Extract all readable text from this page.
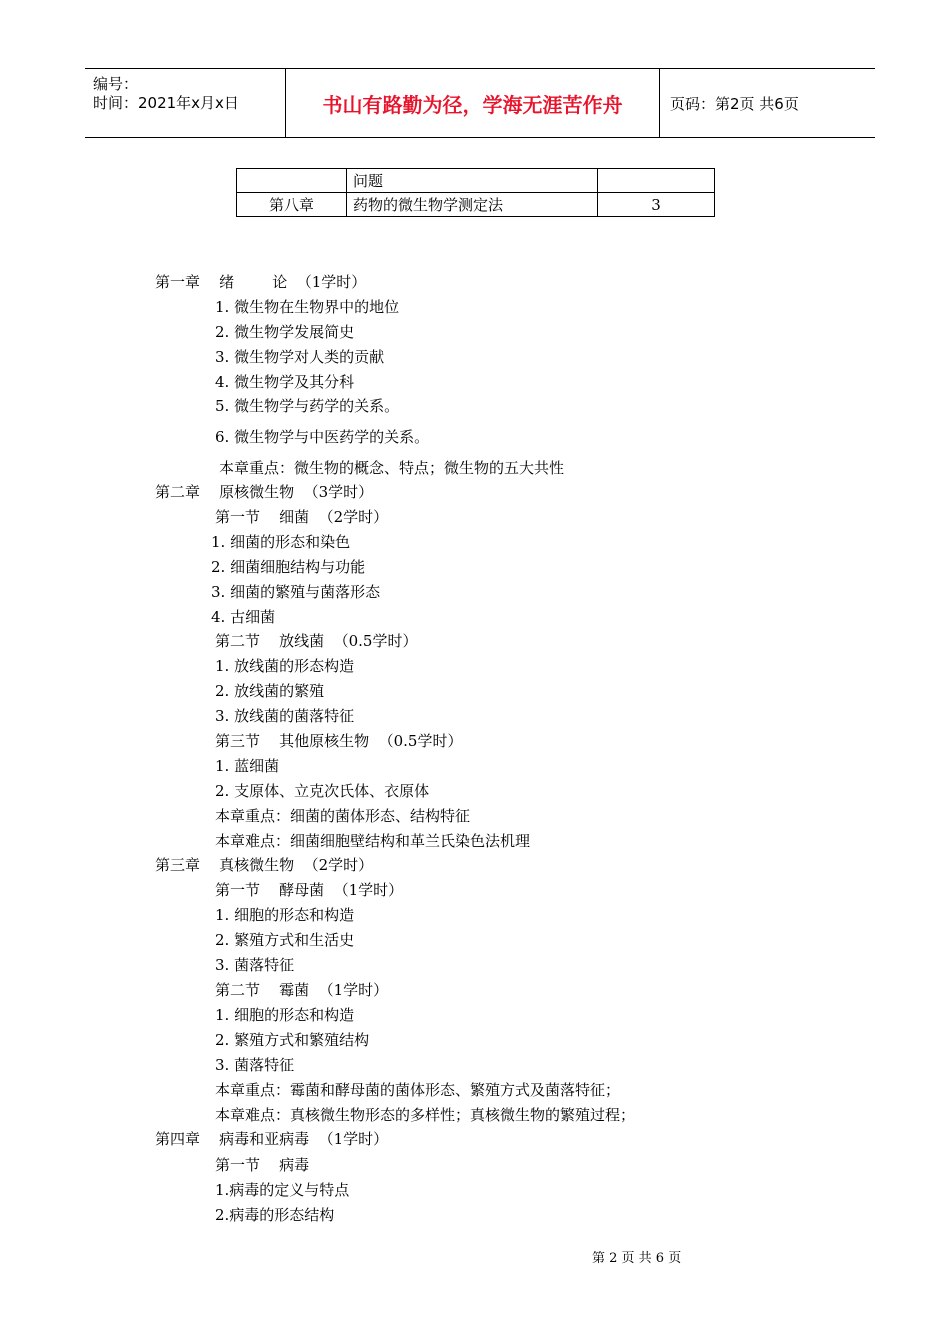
编号：
时间：2021年x月x日	书山有路勤为径，学海无涯苦作舟	页码：第2页 共6页
	问题	
第八章	药物的微生物学测定法	3
第一章    绪        论  （1学时）
1. 微生物在生物界中的地位
2. 微生物学发展简史
3. 微生物学对人类的贡献
4. 微生物学及其分科
5. 微生物学与药学的关系。
6. 微生物学与中医药学的关系。
本章重点：微生物的概念、特点；微生物的五大共性
第二章    原核微生物  （3学时）
第一节    细菌  （2学时）
1. 细菌的形态和染色
2. 细菌细胞结构与功能
3. 细菌的繁殖与菌落形态
4. 古细菌
第二节    放线菌  （0.5学时）
1. 放线菌的形态构造
2. 放线菌的繁殖
3. 放线菌的菌落特征
第三节    其他原核生物  （0.5学时）
1. 蓝细菌
2. 支原体、立克次氏体、衣原体
本章重点：细菌的菌体形态、结构特征
本章难点：细菌细胞壁结构和革兰氏染色法机理
第三章    真核微生物  （2学时）
第一节    酵母菌  （1学时）
1. 细胞的形态和构造
2. 繁殖方式和生活史
3. 菌落特征
第二节    霉菌  （1学时）
1. 细胞的形态和构造
2. 繁殖方式和繁殖结构
3. 菌落特征
本章重点：霉菌和酵母菌的菌体形态、繁殖方式及菌落特征；
本章难点：真核微生物形态的多样性；真核微生物的繁殖过程；
第四章    病毒和亚病毒  （1学时）
第一节    病毒
1.病毒的定义与特点
2.病毒的形态结构
第 2 页 共 6 页
